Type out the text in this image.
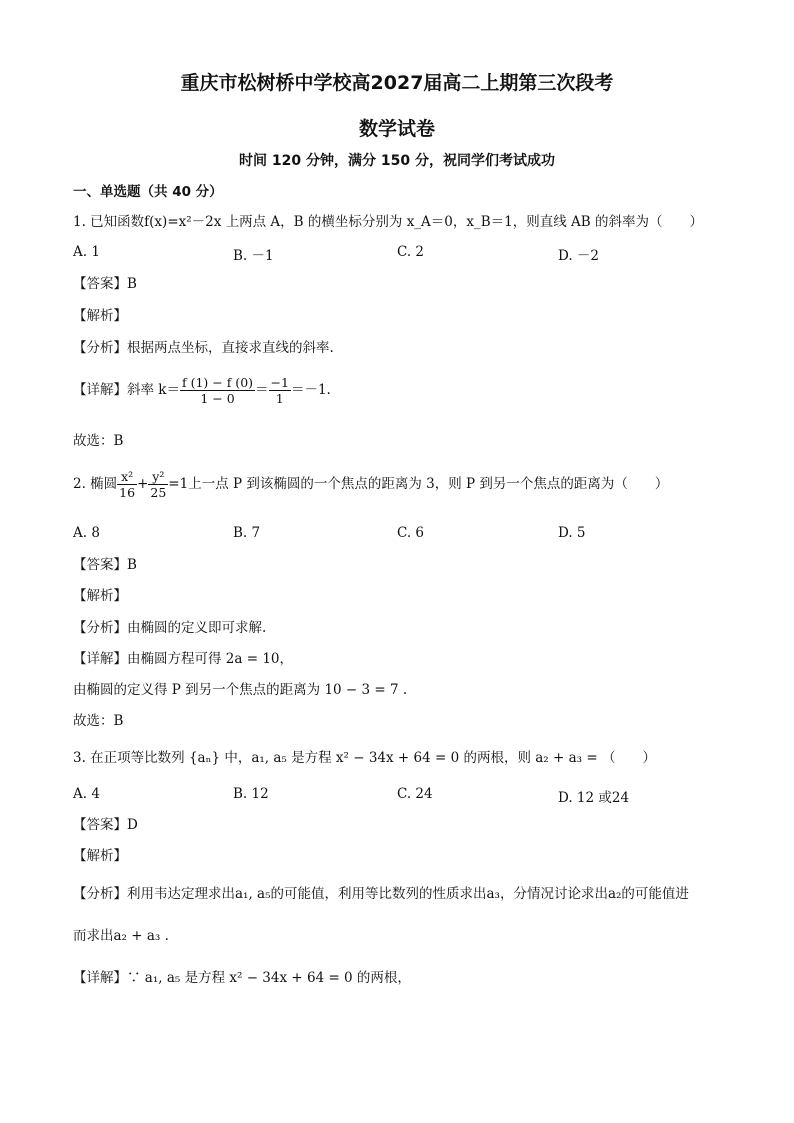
重庆市松树桥中学校高2027届高二上期第三次段考
数学试卷
时间 120 分钟，满分 150 分，祝同学们考试成功
一、单选题（共 40 分）
1. 已知函数f(x)=x²－2x 上两点 A，B 的横坐标分别为 x_A＝0，x_B＝1，则直线 AB 的斜率为（　　）
A. 1	B. －1	C. 2	D. －2
【答案】B
【解析】
【分析】根据两点坐标，直接求直线的斜率.
【详解】斜率 $k= \frac{f (1) - f (0)}{1 - 0} = \frac{-1}{1} =-1$.
故选：B
2. 椭圆 $\frac{\text{x²}}{16} + \frac{\text{y²}}{25} =1$上一点 P 到该椭圆的一个焦点的距离为 3，则 P 到另一个焦点的距离为（　　）
A. 8	B. 7	C. 6	D. 5
【答案】B
【解析】
【分析】由椭圆的定义即可求解.
【详解】由椭圆方程可得 2a = 10，
由椭圆的定义得 P 到另一个焦点的距离为 10 − 3 = 7 .
故选：B
3. 在正项等比数列 {aₙ} 中，a₁, a₅ 是方程 x² − 34x + 64 = 0 的两根，则 a₂ + a₃ = （　　）
A. 4	B. 12	C. 24	D. 12 或24
【答案】D
【解析】
【分析】利用韦达定理求出a₁, a₅的可能值，利用等比数列的性质求出a₃，分情况讨论求出a₂的可能值进
而求出a₂ + a₃ .
【详解】∵ a₁, a₅ 是方程 x² − 34x + 64 = 0 的两根，
